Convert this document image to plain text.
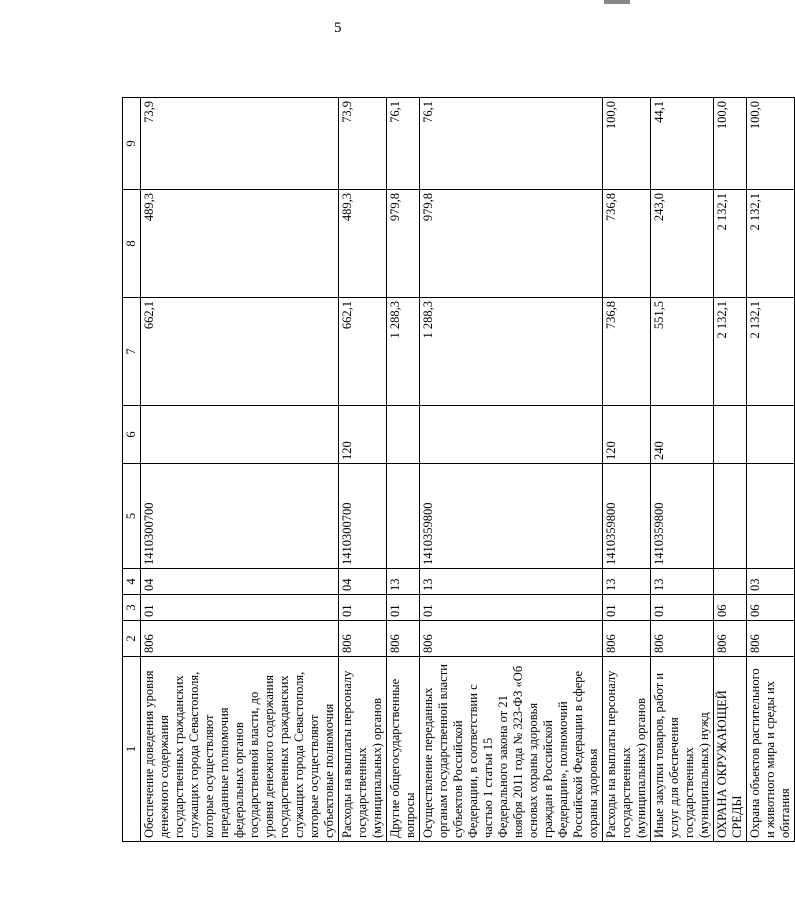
5
1	2	3	4	5	6	7	8	9
Обеспечение доведения уровня денежного содержания государственных гражданских служащих города Севастополя, которые осуществляют переданные полномочия федеральных органов государственной власти, до уровня денежного содержания государственных гражданских служащих города Севастополя, которые осуществляют субъектовые полномочия	806	01	04	1410300700		662,1	489,3	73,9
Расходы на выплаты персоналу государственных (муниципальных) органов	806	01	04	1410300700	120	662,1	489,3	73,9
Другие общегосударственные вопросы	806	01	13			1 288,3	979,8	76,1
Осуществление переданных органам государственной власти субъектов Российской Федерации, в соответствии с частью 1 статьи 15 Федерального закона от 21 ноября 2011 года № 323-ФЗ «Об основах охраны здоровья граждан в Российской Федерации», полномочий Российской Федерации в сфере охраны здоровья	806	01	13	1410359800		1 288,3	979,8	76,1
Расходы на выплаты персоналу государственных (муниципальных) органов	806	01	13	1410359800	120	736,8	736,8	100,0
Иные закупки товаров, работ и услуг для обеспечения государственных (муниципальных) нужд	806	01	13	1410359800	240	551,5	243,0	44,1
ОХРАНА ОКРУЖАЮЩЕЙ СРЕДЫ	806	06				2 132,1	2 132,1	100,0
Охрана объектов растительного и животного мира и среды их обитания	806	06	03			2 132,1	2 132,1	100,0
